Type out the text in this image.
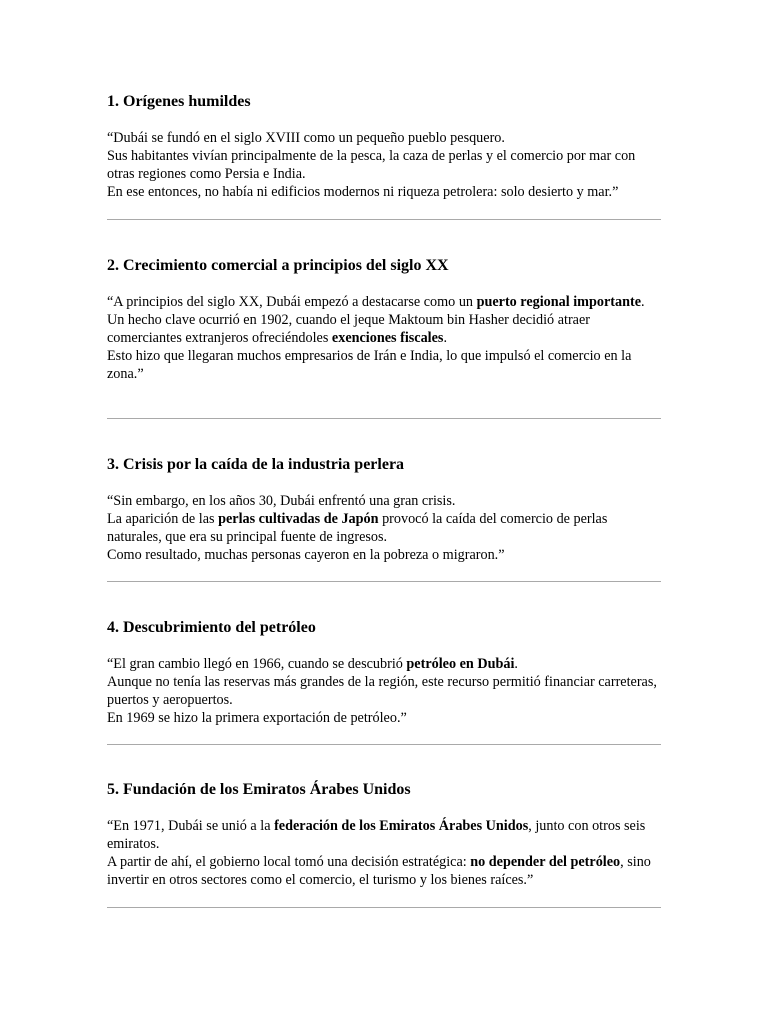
1. Orígenes humildes

“Dubái se fundó en el siglo XVIII como un pequeño pueblo pesquero.

Sus habitantes vivían principalmente de la pesca, la caza de perlas y el comercio por mar con otras regiones como Persia e India.

En ese entonces, no había ni edificios modernos ni riqueza petrolera: solo desierto y mar.”

2. Crecimiento comercial a principios del siglo XX

“A principios del siglo XX, Dubái empezó a destacarse como un puerto regional importante.

Un hecho clave ocurrió en 1902, cuando el jeque Maktoum bin Hasher decidió atraer comerciantes extranjeros ofreciéndoles exenciones fiscales.

Esto hizo que llegaran muchos empresarios de Irán e India, lo que impulsó el comercio en la zona.”

3. Crisis por la caída de la industria perlera

“Sin embargo, en los años 30, Dubái enfrentó una gran crisis.

La aparición de las perlas cultivadas de Japón provocó la caída del comercio de perlas naturales, que era su principal fuente de ingresos.

Como resultado, muchas personas cayeron en la pobreza o migraron.”

4. Descubrimiento del petróleo

“El gran cambio llegó en 1966, cuando se descubrió petróleo en Dubái.

Aunque no tenía las reservas más grandes de la región, este recurso permitió financiar carreteras, puertos y aeropuertos.

En 1969 se hizo la primera exportación de petróleo.”

5. Fundación de los Emiratos Árabes Unidos

“En 1971, Dubái se unió a la federación de los Emiratos Árabes Unidos, junto con otros seis emiratos.

A partir de ahí, el gobierno local tomó una decisión estratégica: no depender del petróleo, sino invertir en otros sectores como el comercio, el turismo y los bienes raíces.”
